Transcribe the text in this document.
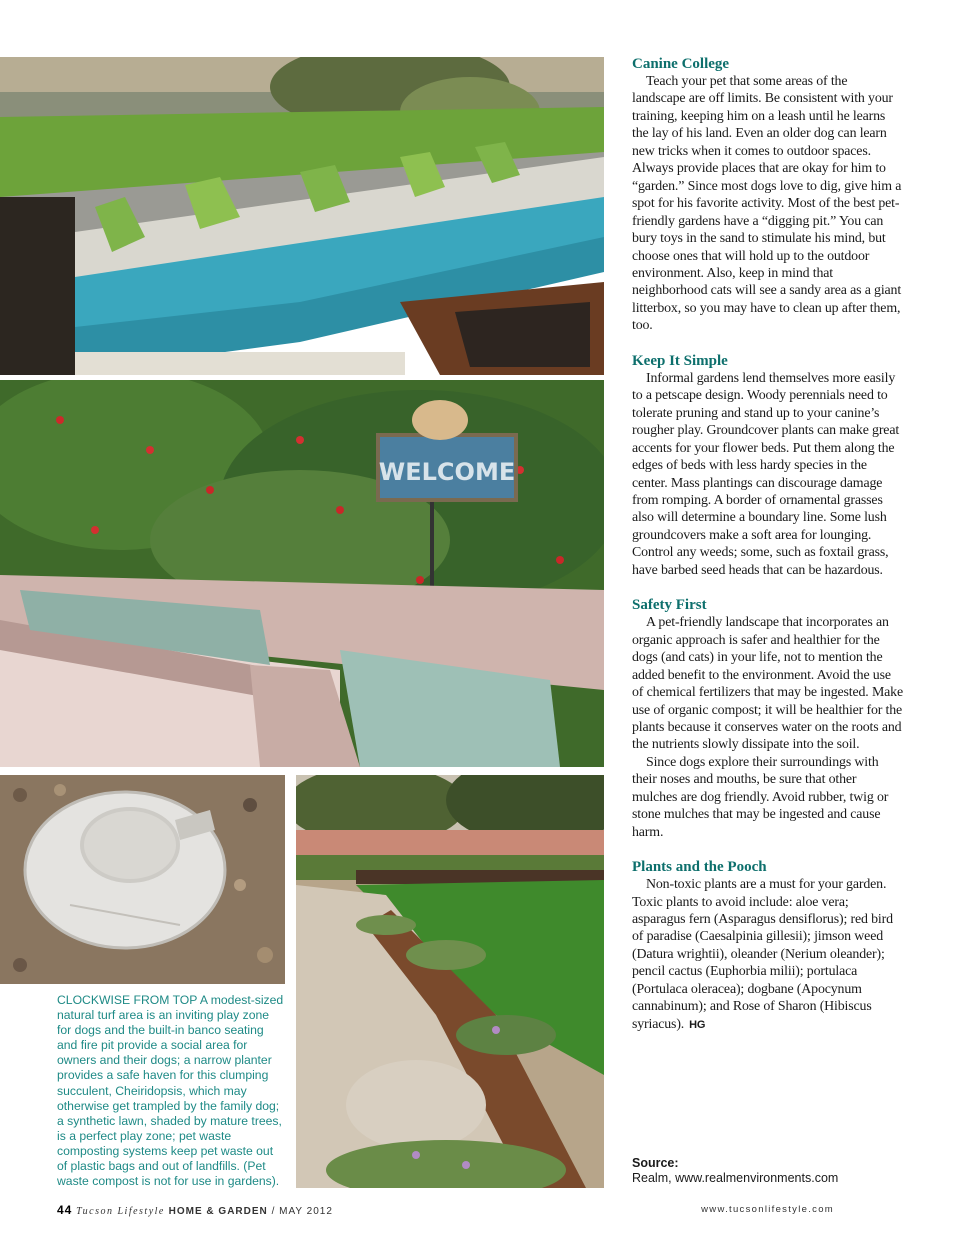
WELCOME
CLOCKWISE FROM TOP A modest-sized natural turf area is an inviting play zone for dogs and the built-in banco seating and fire pit provide a social area for owners and their dogs; a narrow planter provides a safe haven for this clumping succulent, Cheiridopsis, which may otherwise get trampled by the family dog; a synthetic lawn, shaded by mature trees, is a perfect play zone; pet waste composting systems keep pet waste out of plastic bags and out of landfills. (Pet waste compost is not for use in gardens).
Canine College

Teach your pet that some areas of the landscape are off limits. Be consistent with your training, keeping him on a leash until he learns the lay of his land. Even an older dog can learn new tricks when it comes to outdoor spaces. Always provide places that are okay for him to “garden.” Since most dogs love to dig, give him a spot for his favorite activity. Most of the best pet-friendly gardens have a “digging pit.” You can bury toys in the sand to stimulate his mind, but choose ones that will hold up to the outdoor environment. Also, keep in mind that neighborhood cats will see a sandy area as a giant litterbox, so you may have to clean up after them, too.

Keep It Simple

Informal gardens lend themselves more easily to a petscape design. Woody perennials need to tolerate pruning and stand up to your canine’s rougher play. Groundcover plants can make great accents for your flower beds. Put them along the edges of beds with less hardy species in the center. Mass plantings can discourage damage from romping. A border of ornamental grasses also will determine a boundary line. Some lush groundcovers make a soft area for lounging. Control any weeds; some, such as foxtail grass, have barbed seed heads that can be hazardous.

Safety First

A pet-friendly landscape that incorporates an organic approach is safer and healthier for the dogs (and cats) in your life, not to mention the added benefit to the environment. Avoid the use of chemical fertilizers that may be ingested. Make use of organic compost; it will be healthier for the plants because it conserves water on the roots and the nutrients slowly dissipate into the soil.

Since dogs explore their surroundings with their noses and mouths, be sure that other mulches are dog friendly. Avoid rubber, twig or stone mulches that may be ingested and cause harm.

Plants and the Pooch

Non-toxic plants are a must for your garden. Toxic plants to avoid include: aloe vera; asparagus fern (Asparagus densiflorus); red bird of paradise (Caesalpinia gillesii); jimson weed (Datura wrightii), oleander (Nerium oleander); pencil cactus (Euphorbia milii); portulaca (Portulaca oleracea); dogbane (Apocynum cannabinum); and Rose of Sharon (Hibiscus syriacus). HG

Source:
Realm, www.realmenvironments.com
44 Tucson Lifestyle HOME & GARDEN / MAY 2012	www.tucsonlifestyle.com
